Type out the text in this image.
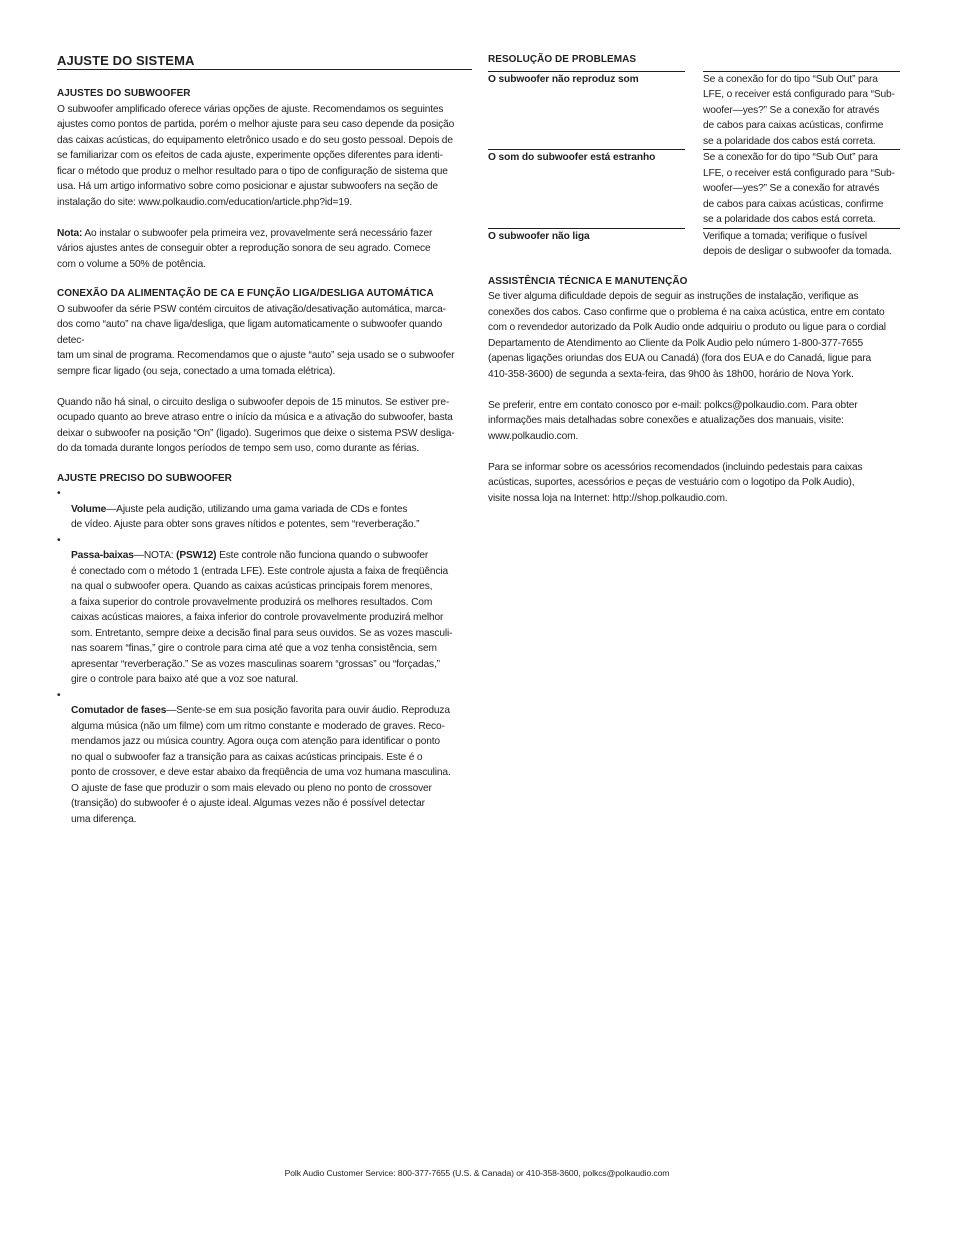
AJUSTE DO SISTEMA
AJUSTES DO SUBWOOFER

O subwoofer amplificado oferece várias opções de ajuste. Recomendamos os seguintes
ajustes como pontos de partida, porém o melhor ajuste para seu caso depende da posição
das caixas acústicas, do equipamento eletrônico usado e do seu gosto pessoal. Depois de
se familiarizar com os efeitos de cada ajuste, experimente opções diferentes para identi-
ficar o método que produz o melhor resultado para o tipo de configuração de sistema que
usa. Há um artigo informativo sobre como posicionar e ajustar subwoofers na seção de
instalação do site: www.polkaudio.com/education/article.php?id=19.

Nota: Ao instalar o subwoofer pela primeira vez, provavelmente será necessário fazer
vários ajustes antes de conseguir obter a reprodução sonora de seu agrado. Comece
com o volume a 50% de potência.

CONEXÃO DA ALIMENTAÇÃO DE CA E FUNÇÃO LIGA/DESLIGA AUTOMÁTICA

O subwoofer da série PSW contém circuitos de ativação/desativação automática, marca-
dos como “auto” na chave liga/desliga, que ligam automaticamente o subwoofer quando detec-
tam um sinal de programa. Recomendamos que o ajuste “auto” seja usado se o subwoofer
sempre ficar ligado (ou seja, conectado a uma tomada elétrica).

Quando não há sinal, o circuito desliga o subwoofer depois de 15 minutos. Se estiver pre-
ocupado quanto ao breve atraso entre o início da música e a ativação do subwoofer, basta
deixar o subwoofer na posição “On” (ligado). Sugerimos que deixe o sistema PSW desliga-
do da tomada durante longos períodos de tempo sem uso, como durante as férias.

AJUSTE PRECISO DO SUBWOOFER

•
Volume—Ajuste pela audição, utilizando uma gama variada de CDs e fontes
de vídeo. Ajuste para obter sons graves nítidos e potentes, sem “reverberação.”

•
Passa-baixas—NOTA: (PSW12) Este controle não funciona quando o subwoofer
é conectado com o método 1 (entrada LFE). Este controle ajusta a faixa de freqüência
na qual o subwoofer opera. Quando as caixas acústicas principais forem menores,
a faixa superior do controle provavelmente produzirá os melhores resultados. Com
caixas acústicas maiores, a faixa inferior do controle provavelmente produzirá melhor
som. Entretanto, sempre deixe a decisão final para seus ouvidos. Se as vozes masculi-
nas soarem “finas,” gire o controle para cima até que a voz tenha consistência, sem
apresentar “reverberação.” Se as vozes masculinas soarem “grossas” ou “forçadas,”
gire o controle para baixo até que a voz soe natural.

•
Comutador de fases—Sente-se em sua posição favorita para ouvir áudio. Reproduza
alguma música (não um filme) com um ritmo constante e moderado de graves. Reco-
mendamos jazz ou música country. Agora ouça com atenção para identificar o ponto
no qual o subwoofer faz a transição para as caixas acústicas principais. Este é o
ponto de crossover, e deve estar abaixo da freqüência de uma voz humana masculina.
O ajuste de fase que produzir o som mais elevado ou pleno no ponto de crossover
(transição) do subwoofer é o ajuste ideal. Algumas vezes não é possível detectar
uma diferença.

RESOLUÇÃO DE PROBLEMAS
O subwoofer não reproduz som	Se a conexão for do tipo “Sub Out” para
LFE, o receiver está configurado para “Sub-
woofer—yes?” Se a conexão for através
de cabos para caixas acústicas, confirme
se a polaridade dos cabos está correta.
O som do subwoofer está estranho	Se a conexão for do tipo “Sub Out” para
LFE, o receiver está configurado para “Sub-
woofer—yes?” Se a conexão for através
de cabos para caixas acústicas, confirme
se a polaridade dos cabos está correta.
O subwoofer não liga	Verifique a tomada; verifique o fusível
depois de desligar o subwoofer da tomada.
ASSISTÊNCIA TÉCNICA E MANUTENÇÃO

Se tiver alguma dificuldade depois de seguir as instruções de instalação, verifique as
conexões dos cabos. Caso confirme que o problema é na caixa acústica, entre em contato
com o revendedor autorizado da Polk Audio onde adquiriu o produto ou ligue para o cordial
Departamento de Atendimento ao Cliente da Polk Audio pelo número 1-800-377-7655
(apenas ligações oriundas dos EUA ou Canadá) (fora dos EUA e do Canadá, ligue para
410-358-3600) de segunda a sexta-feira, das 9h00 às 18h00, horário de Nova York.

Se preferir, entre em contato conosco por e-mail: polkcs@polkaudio.com. Para obter
informações mais detalhadas sobre conexões e atualizações dos manuais, visite:
www.polkaudio.com.

Para se informar sobre os acessórios recomendados (incluindo pedestais para caixas
acústicas, suportes, acessórios e peças de vestuário com o logotipo da Polk Audio),
visite nossa loja na Internet: http://shop.polkaudio.com.

Polk Audio Customer Service: 800-377-7655 (U.S. & Canada) or 410-358-3600, polkcs@polkaudio.com
